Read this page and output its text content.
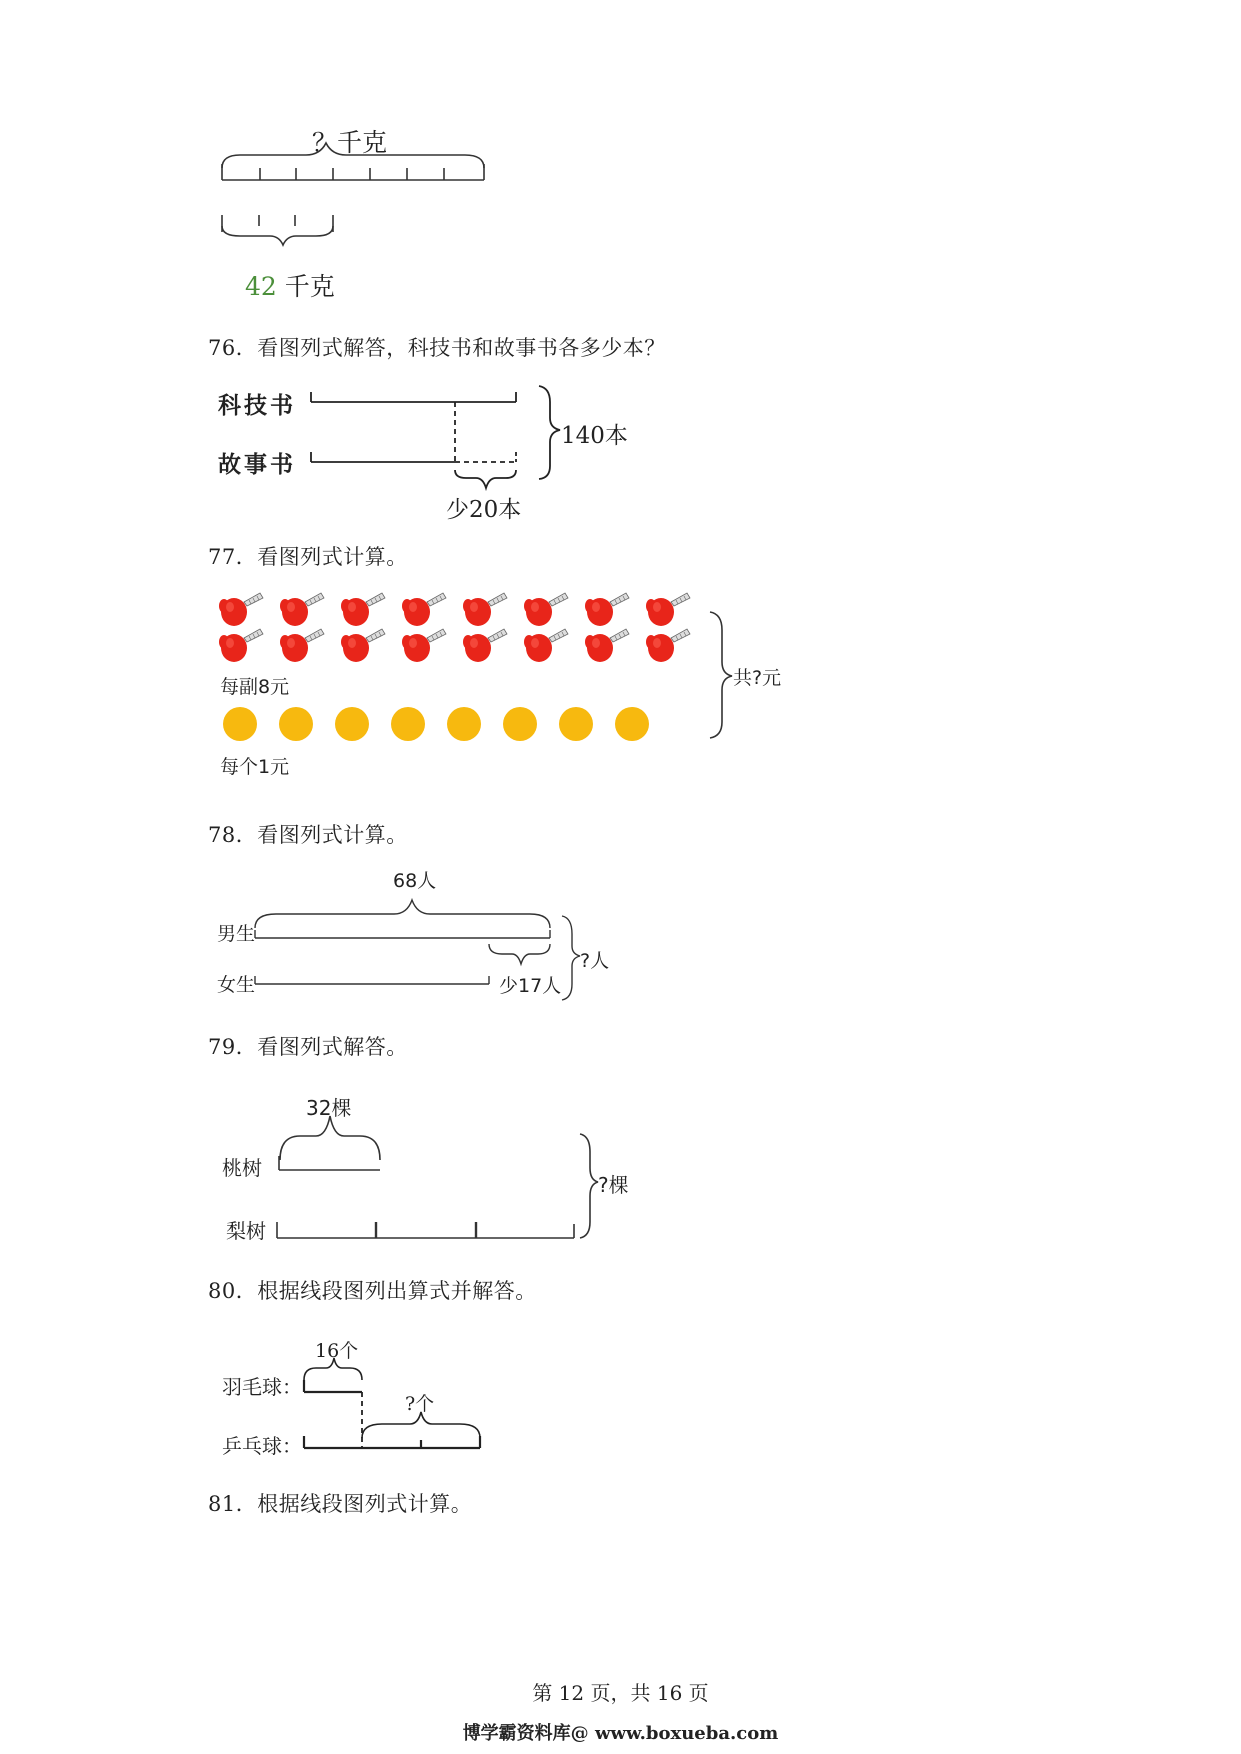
？千克
42 千克
76．看图列式解答，科技书和故事书各多少本？
科技书
故事书
140本
少20本
77．看图列式计算。
每副8元
每个1元
共?元
78．看图列式计算。
68人
男生
女生	少17人
?人
79．看图列式解答。
32棵
桃树
梨树
?棵
80．根据线段图列出算式并解答。
16个
羽毛球：
乒乓球：
?个
81．根据线段图列式计算。
第 12 页，共 16 页
博学霸资料库@ www.boxueba.com
